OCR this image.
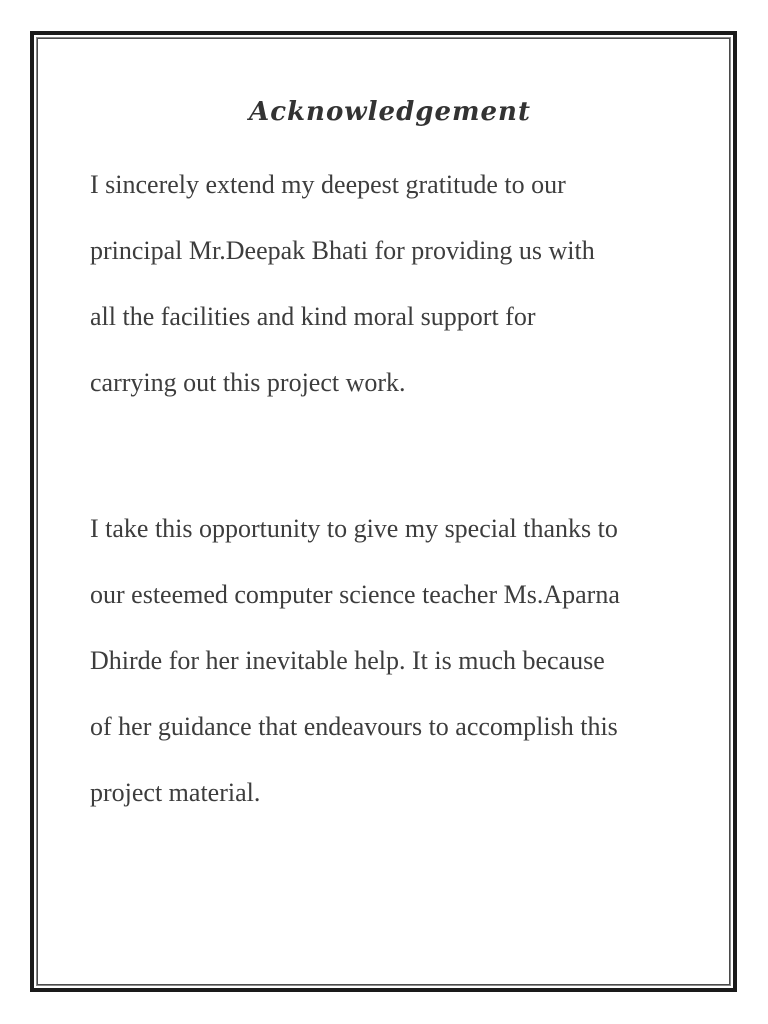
Acknowledgement
I sincerely extend my deepest gratitude to our
principal Mr.Deepak Bhati for providing us with
all the facilities and kind moral support for
carrying out this project work.
I take this opportunity to give my special thanks to
our esteemed computer science teacher Ms.Aparna
Dhirde for her inevitable help. It is much because
of her guidance that endeavours to accomplish this
project material.
